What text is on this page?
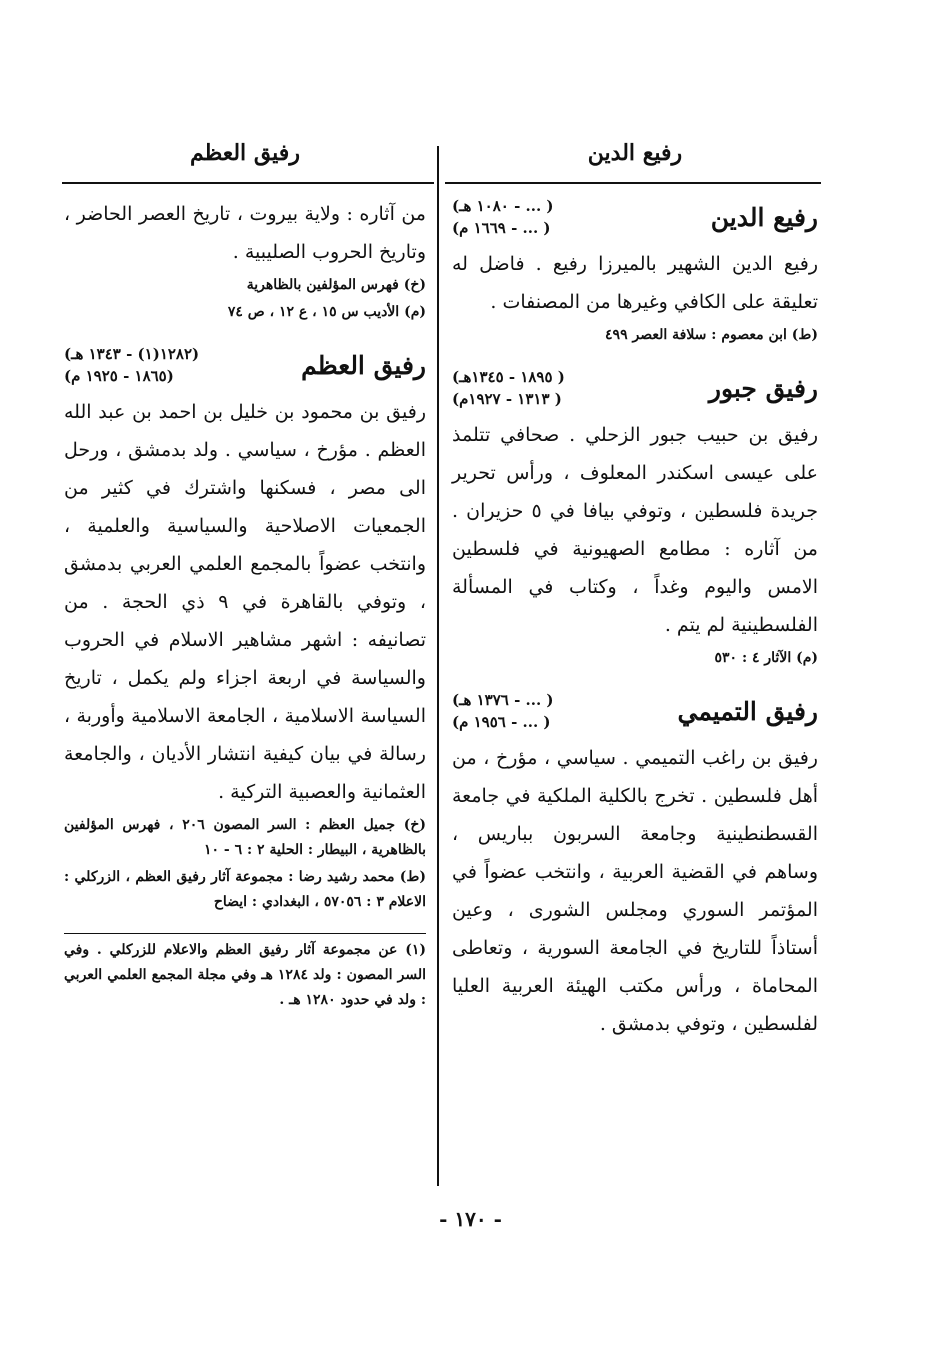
رفيع الدين
رفيق العظم
رفيع الدين
( ... - ١٠٨٠ هـ)
( ... - ١٦٦٩ م)

رفيع الدين الشهير بالميرزا رفيع . فاضل له تعليقة على الكافي وغيرها من المصنفات .

(ط) ابن معصوم : سلافة العصر ٤٩٩
رفيق جبور
( ١٨٩٥ - ١٣٤٥هـ)
( ١٣١٣ - ١٩٢٧م)

رفيق بن حبيب جبور الزحلي . صحافي تتلمذ على عيسى اسكندر المعلوف ، ورأس تحرير جريدة فلسطين ، وتوفي بيافا في ٥ حزيران . من آثاره : مطامع الصهيونية في فلسطين الامس واليوم وغداً ، وكتاب في المسألة الفلسطينية لم يتم .

(م) الآثار ٤ : ٥٣٠
رفيق التميمي
( ... - ١٣٧٦ هـ)
( ... - ١٩٥٦ م)

رفيق بن راغب التميمي . سياسي ، مؤرخ ، من أهل فلسطين . تخرج بالكلية الملكية في جامعة القسطنطينية وجامعة السربون بباريس ، وساهم في القضية العربية ، وانتخب عضواً في المؤتمر السوري ومجلس الشورى ، وعين أستاذاً للتاريخ في الجامعة السورية ، وتعاطى المحاماة ، ورأس مكتب الهيئة العربية العليا لفلسطين ، وتوفي بدمشق .

من آثاره : ولاية بيروت ، تاريخ العصر الحاضر ، وتاريخ الحروب الصليبية .

(خ) فهرس المؤلفين بالظاهرية
(م) الأديب س ١٥ ، ع ١٢ ، ص ٧٤
رفيق العظم
(١٢٨٢(١) - ١٣٤٣ هـ)
(١٨٦٥ - ١٩٢٥ م)

رفيق بن محمود بن خليل بن احمد بن عبد الله العظم . مؤرخ ، سياسي . ولد بدمشق ، ورحل الى مصر ، فسكنها واشترك في كثير من الجمعيات الاصلاحية والسياسية والعلمية ، وانتخب عضواً بالمجمع العلمي العربي بدمشق ، وتوفي بالقاهرة في ٩ ذي الحجة . من تصانيفه : اشهر مشاهير الاسلام في الحروب والسياسة في اربعة اجزاء ولم يكمل ، تاريخ السياسة الاسلامية ، الجامعة الاسلامية وأوربة ، رسالة في بيان كيفية انتشار الأديان ، والجامعة العثمانية والعصبية التركية .

(خ) جميل العظم : السر المصون ٢٠٦ ، فهرس المؤلفين بالظاهرية ، البيطار : الحلية ٢ : ٦ - ١٠
(ط) محمد رشيد رضا : مجموعة آثار رفيق العظم ، الزركلي : الاعلام ٣ : ٥٧٠٥٦ ، البغدادي : ايضاح
(١) عن مجموعة آثار رفيق العظم والاعلام للزركلي . وفي السر المصون : ولد ١٢٨٤ هـ وفي مجلة المجمع العلمي العربي : ولد في حدود ١٢٨٠ هـ .
- ١٧٠ -
